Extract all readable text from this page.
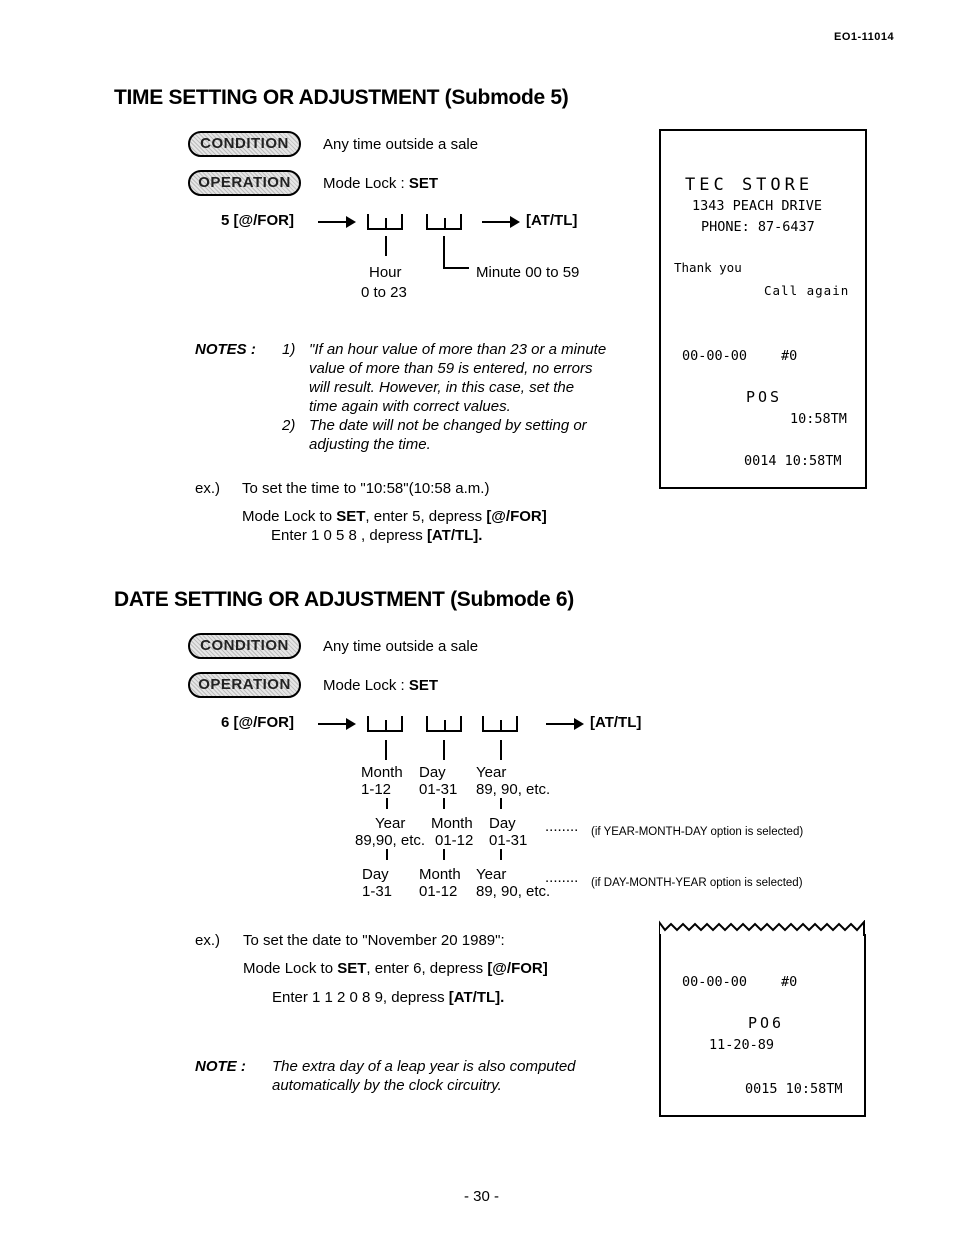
EO1-11014
TIME SETTING OR ADJUSTMENT (Submode 5)
CONDITION	Any time outside a sale
OPERATION	Mode Lock : SET
5 [@/FOR]	[AT/TL]
Hour
0 to 23
Minute 00 to 59
NOTES : 1) "If an hour value of more than 23 or a minute
value of more than 59 is entered, no errors
will result. However, in this case, set the
time again with correct values.
2) The date will not be changed by setting or
adjusting the time.
ex.) To set the time to "10:58"(10:58 a.m.)
Mode Lock to SET, enter 5, depress [@/FOR]
Enter 1 0 5 8 , depress [AT/TL].
TEC STORE
1343 PEACH DRIVE
PHONE: 87-6437
Thank you
Call again
00-00-00	#0
POS
10:58TM
0014 10:58TM
DATE SETTING OR ADJUSTMENT (Submode 6)
CONDITION	Any time outside a sale
OPERATION	Mode Lock : SET
6 [@/FOR]	[AT/TL]
Month Day Year
1-12 01-31 89, 90, etc.
Year Month Day
89,90, etc. 01-12 01-31
........ (if YEAR-MONTH-DAY option is selected)
Day Month Year
1-31 01-12 89, 90, etc.
........ (if DAY-MONTH-YEAR option is selected)
ex.) To set the date to "November 20 1989":
Mode Lock to SET, enter 6, depress [@/FOR]
Enter 1 1 2 0 8 9, depress [AT/TL].
NOTE : The extra day of a leap year is also computed
automatically by the clock circuitry.
00-00-00	#0
PO6
11-20-89
0015 10:58TM
- 30 -
